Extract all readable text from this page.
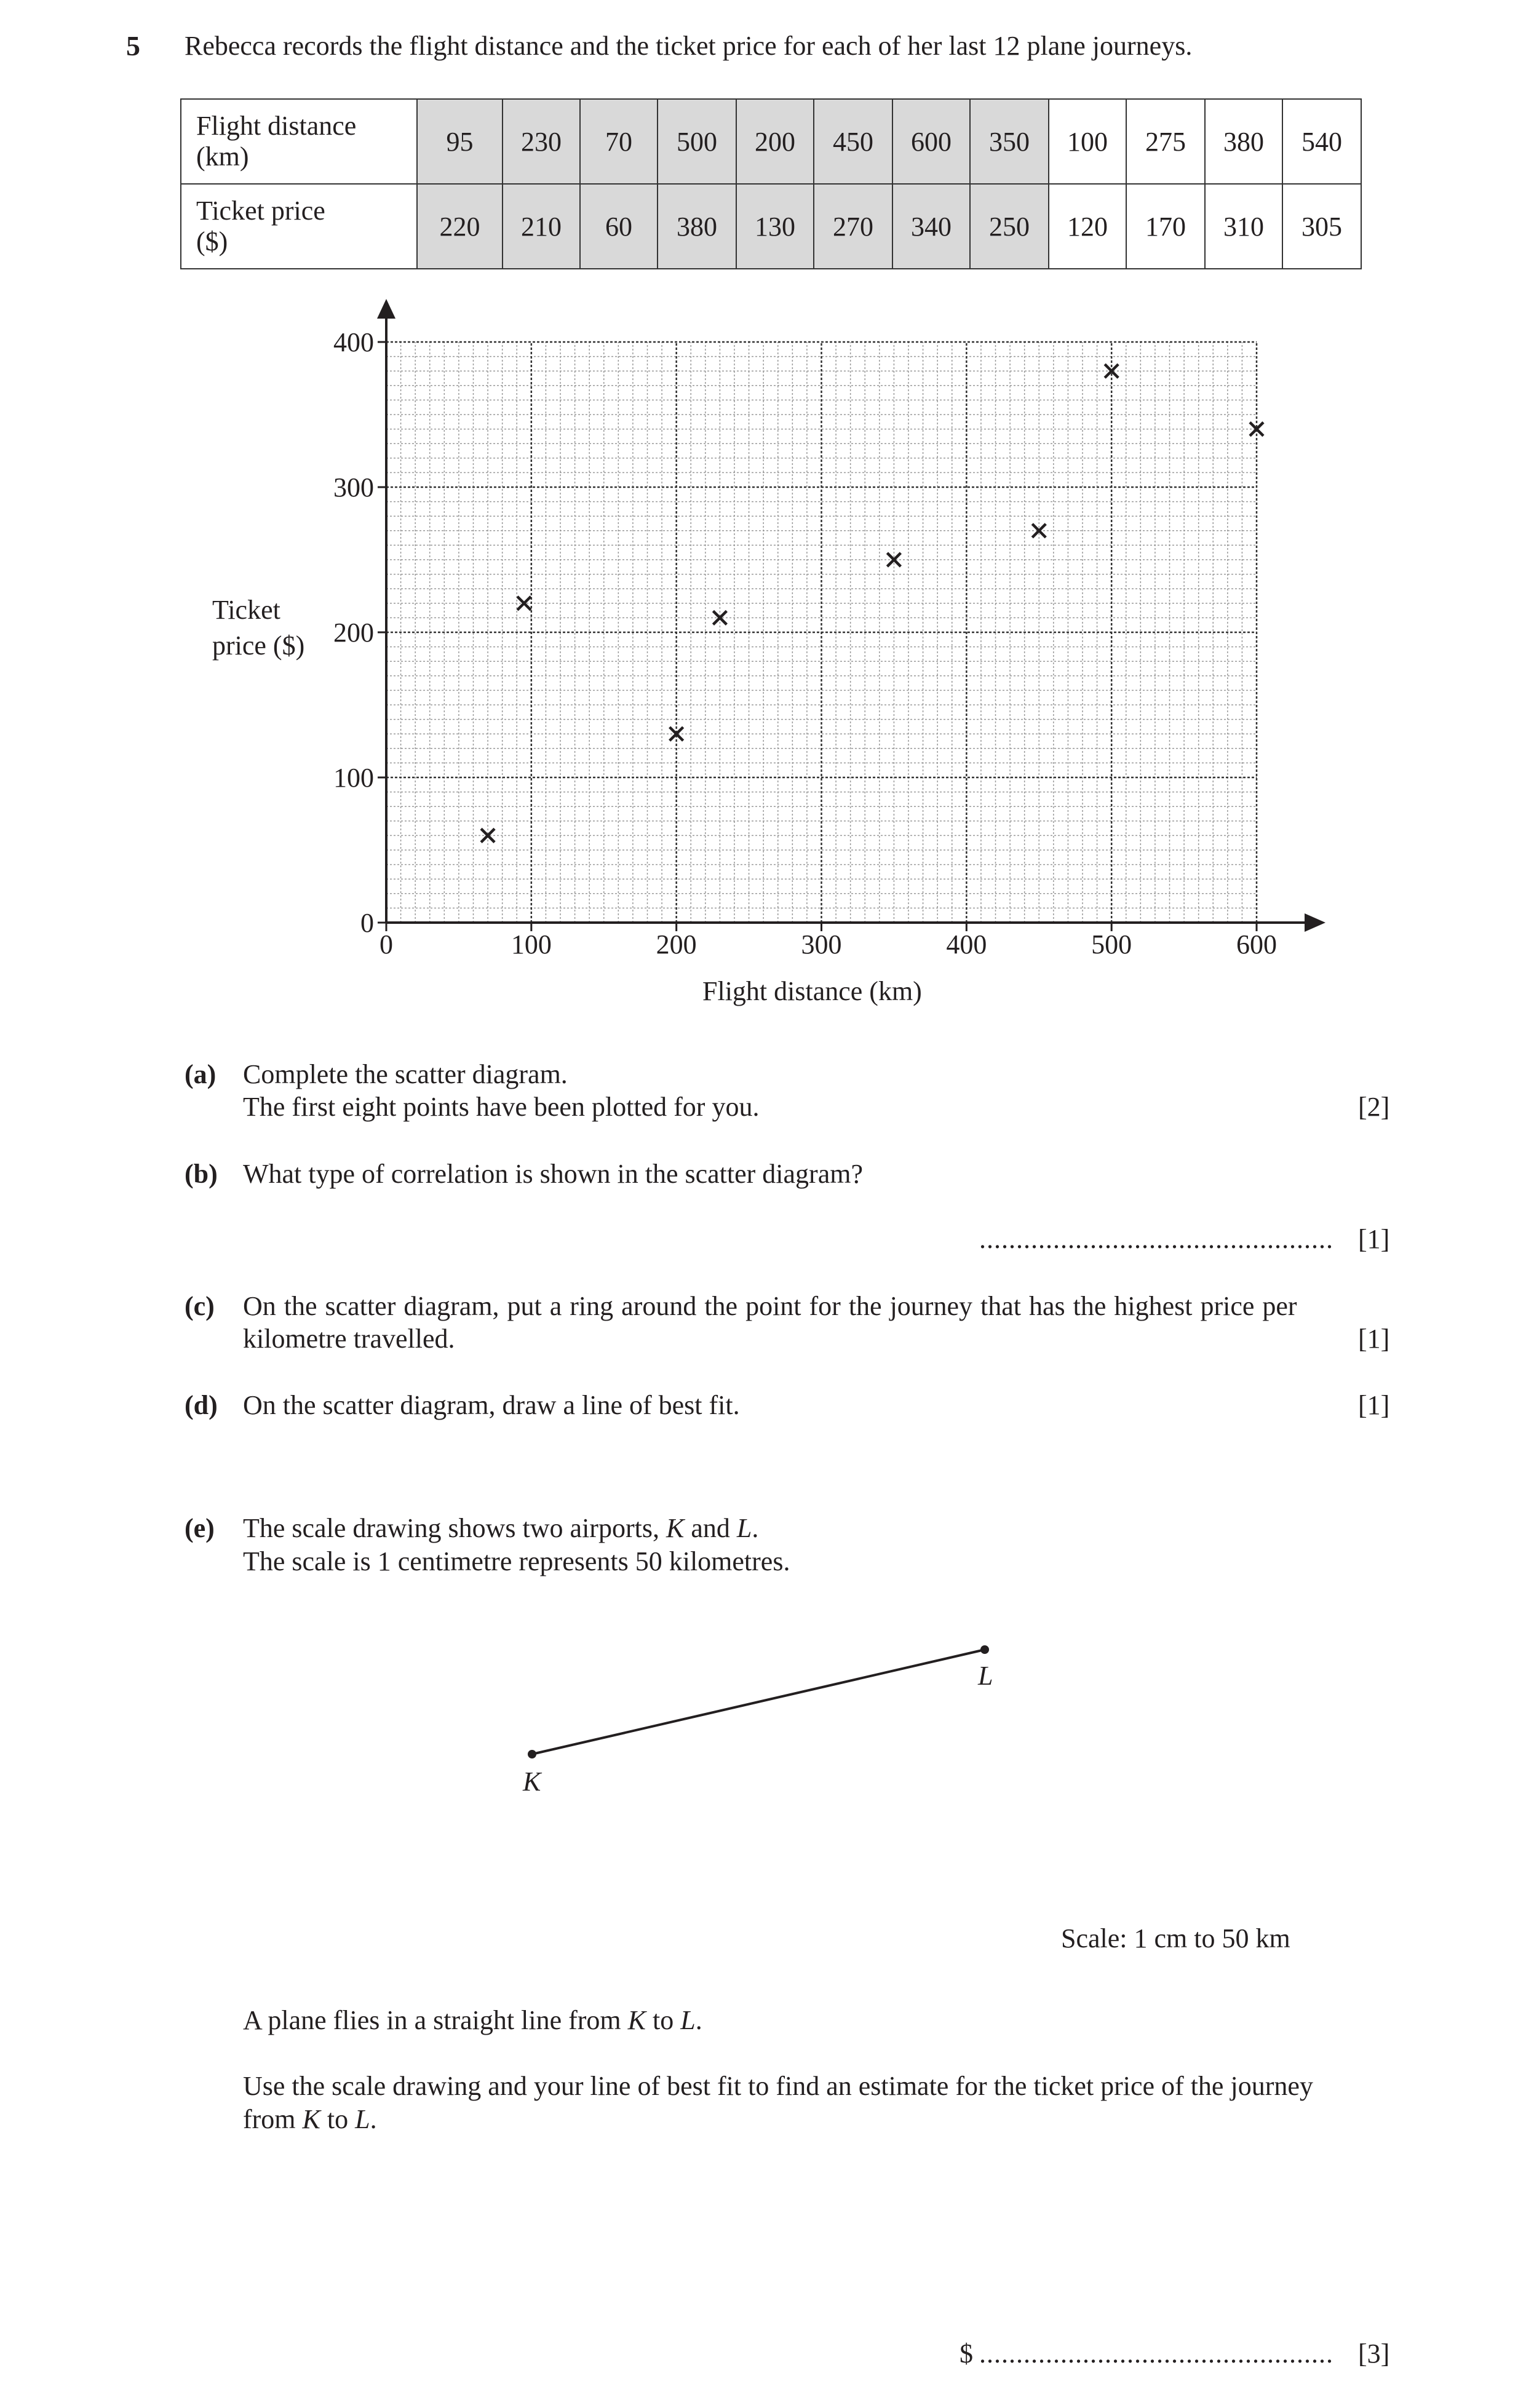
5 Rebecca records the flight distance and the ticket price for each of her last 12 plane journeys.
Flight distance
(km)	95	230	70	500	200	450	600	350	100	275	380	540

Ticket price
($)	220	210	60	380	130	270	340	250	120	170	310	305
0	100	200	300	400	500	600
0
100
200
300
400
Ticket
price ($)
Flight distance (km)
(a) Complete the scatter diagram.
The first eight points have been plotted for you.	[2]
(b) What type of correlation is shown in the scatter diagram?
................................................ [1]
(c) On the scatter diagram, put a ring around the point for the journey that has the highest price per
kilometre travelled.	[1]
(d) On the scatter diagram, draw a line of best fit.	[1]
(e) The scale drawing shows two airports, K and L.
The scale is 1 centimetre represents 50 kilometres.
K
L
Scale: 1 cm to 50 km
A plane flies in a straight line from K to L.
Use the scale drawing and your line of best fit to find an estimate for the ticket price of the journey
from K to L.
$ ................................................ [3]
